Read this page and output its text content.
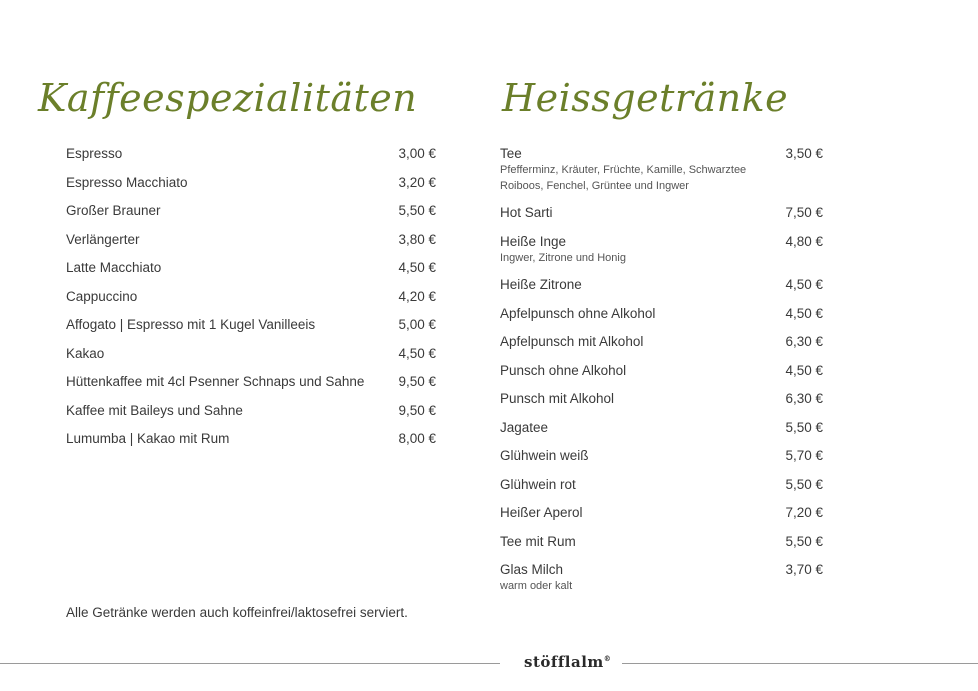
Kaffeespezialitäten Heissgetränke
Espresso	3,00 €
Espresso Macchiato	3,20 €
Großer Brauner	5,50 €
Verlängerter	3,80 €
Latte Macchiato	4,50 €
Cappuccino	4,20 €
Affogato | Espresso mit 1 Kugel Vanilleeis	5,00 €
Kakao	4,50 €
Hüttenkaffee mit 4cl Psenner Schnaps und Sahne	9,50 €
Kaffee mit Baileys und Sahne	9,50 €
Lumumba | Kakao mit Rum	8,00 €
Alle Getränke werden auch koffeinfrei/laktosefrei serviert.
Tee	3,50 €
Pfefferminz, Kräuter, Früchte, Kamille, Schwarztee
Roiboos, Fenchel, Grüntee und Ingwer
Hot Sarti	7,50 €
Heiße Inge	4,80 €
Ingwer, Zitrone und Honig
Heiße Zitrone	4,50 €
Apfelpunsch ohne Alkohol	4,50 €
Apfelpunsch mit Alkohol	6,30 €
Punsch ohne Alkohol	4,50 €
Punsch mit Alkohol	6,30 €
Jagatee	5,50 €
Glühwein weiß	5,70 €
Glühwein rot	5,50 €
Heißer Aperol	7,20 €
Tee mit Rum	5,50 €
Glas Milch	3,70 €
warm oder kalt
stöfflalm®
